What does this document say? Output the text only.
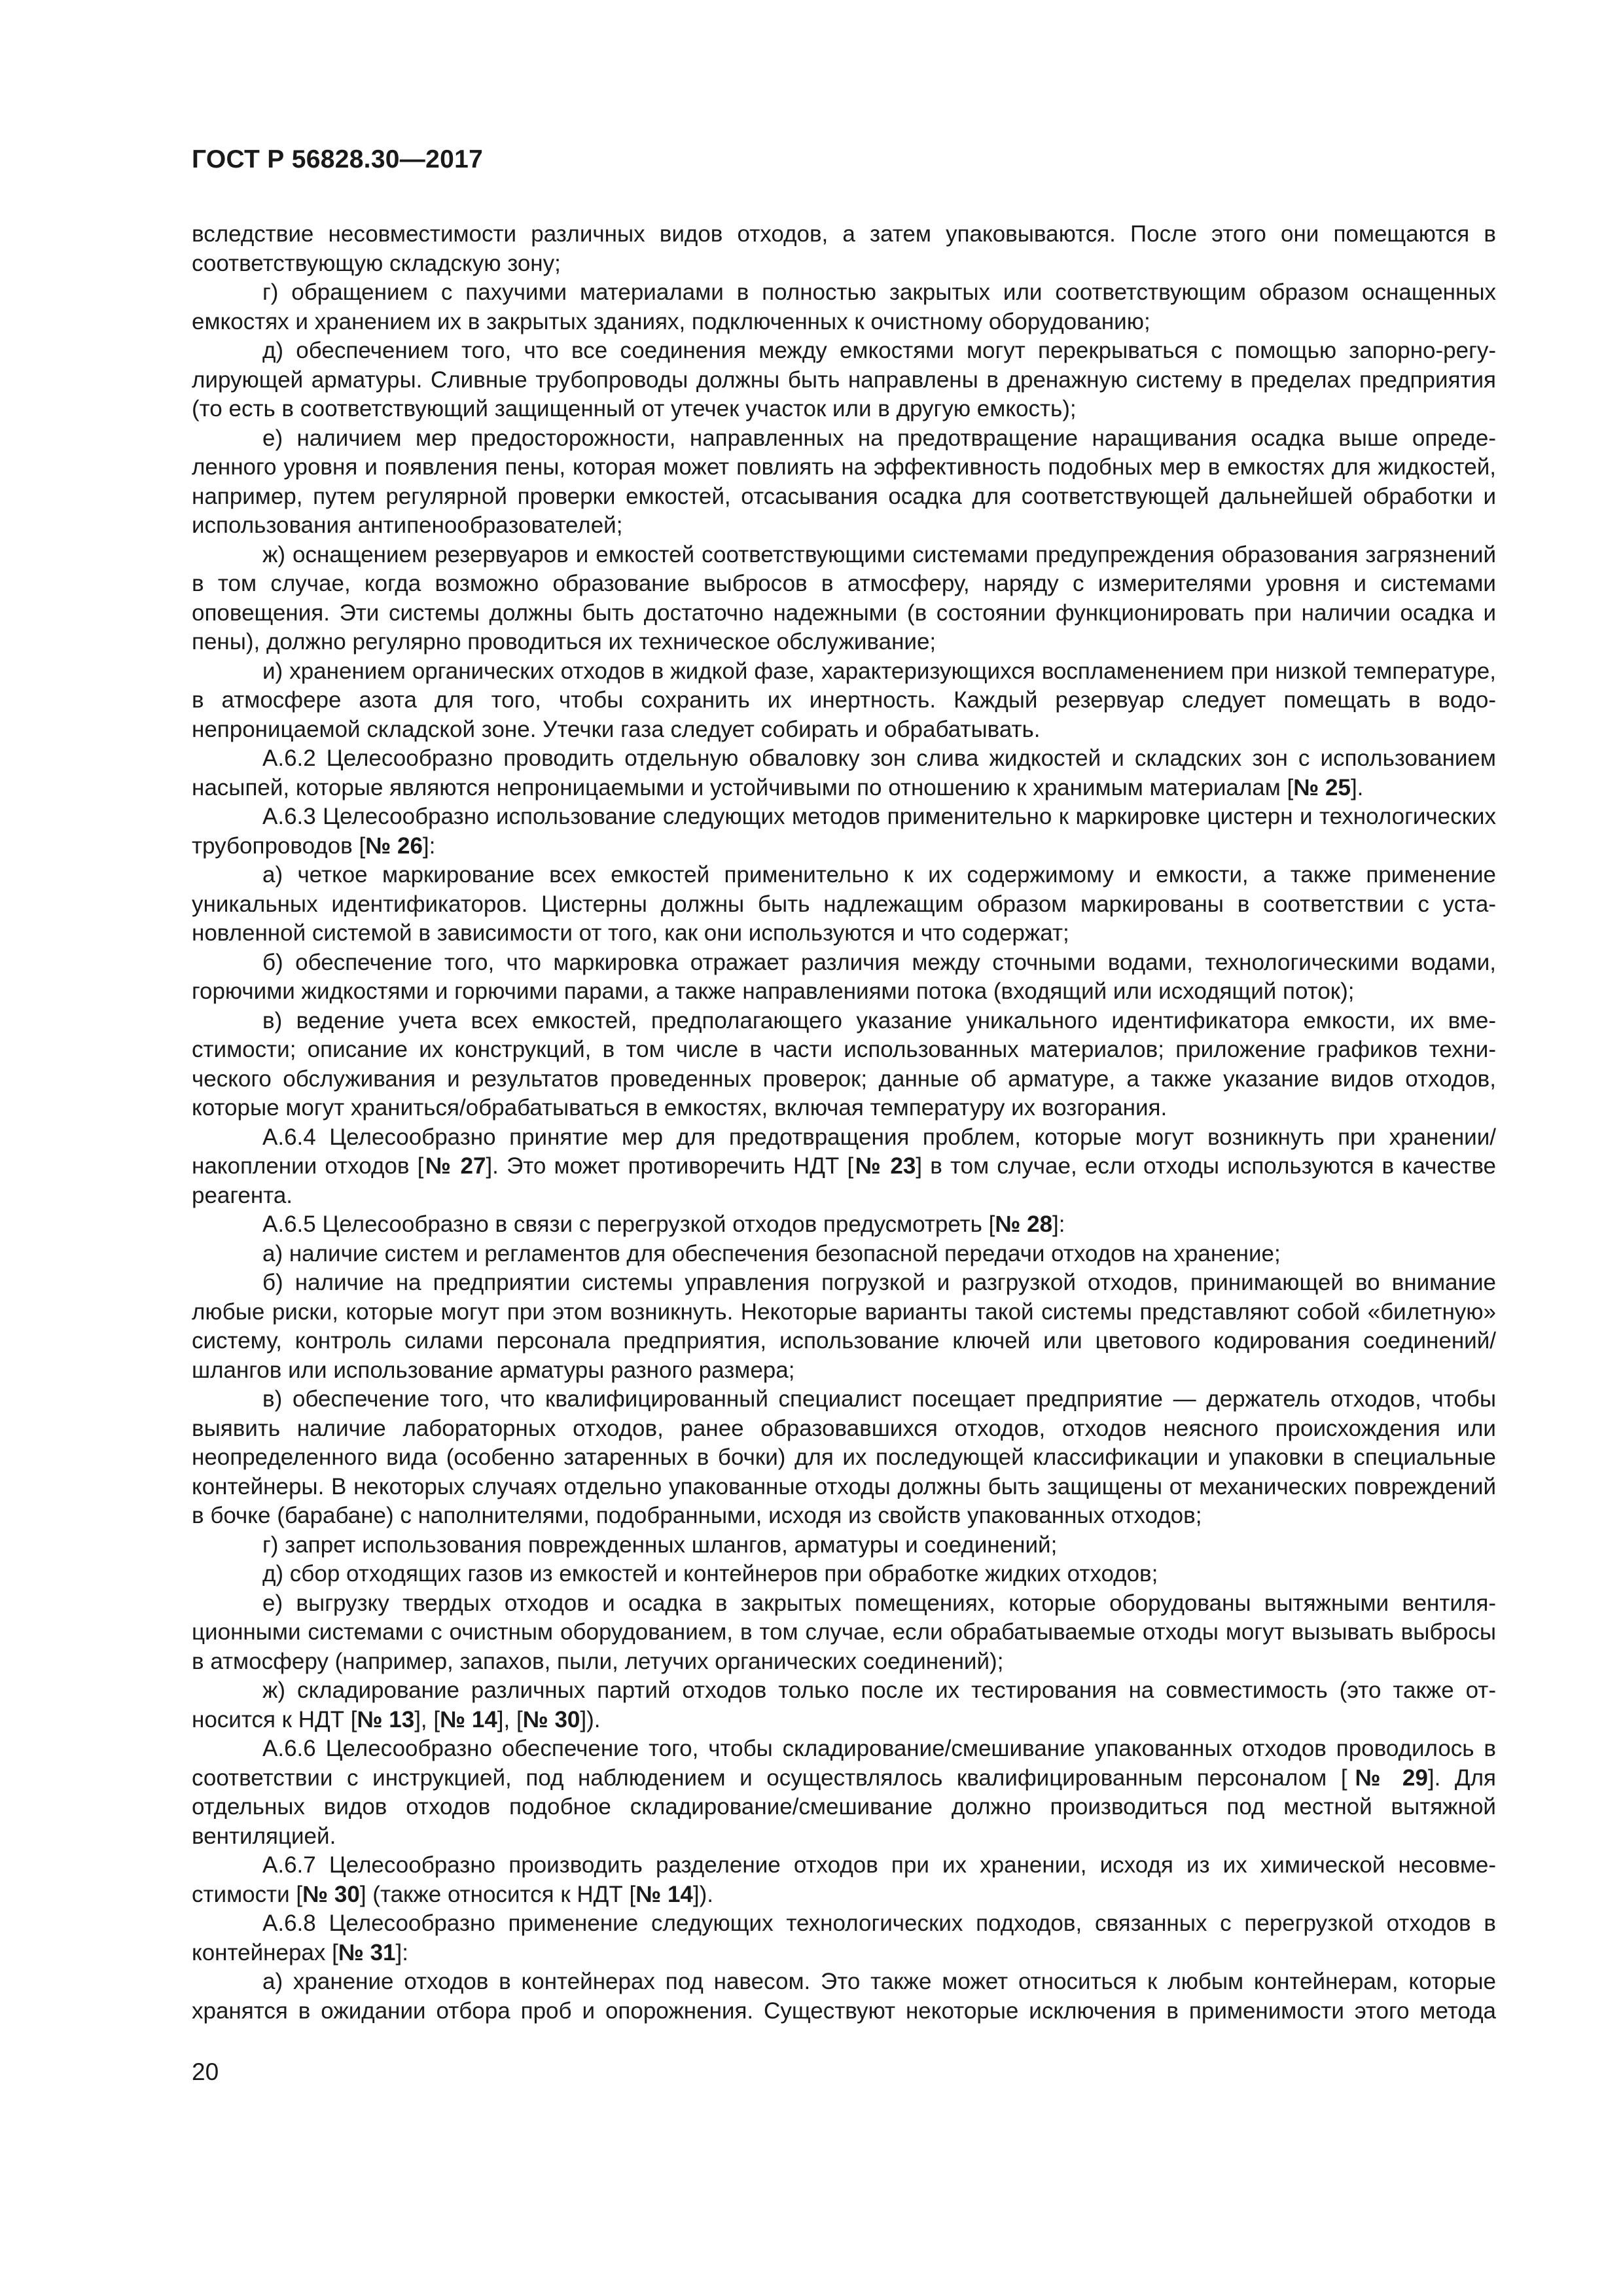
ГОСТ Р 56828.30—2017

вследствие несовместимости различных видов отходов, а затем упаковываются. После этого они помещаются в соответствующую складскую зону;

г) обращением с пахучими материалами в полностью закрытых или соответствующим образом оснащенных емкостях и хранением их в закрытых зданиях, подключенных к очистному оборудованию;

д) обеспечением того, что все соединения между емкостями могут перекрываться с помощью запорно-регулирующей арматуры. Сливные трубопроводы должны быть направлены в дренажную систему в пределах предприятия (то есть в соответствующий защищенный от утечек участок или в другую емкость);

е) наличием мер предосторожности, направленных на предотвращение наращивания осадка выше определенного уровня и появления пены, которая может повлиять на эффективность подобных мер в емкостях для жидкостей, например, путем регулярной проверки емкостей, отсасывания осадка для соответствующей дальнейшей обработки и использования антипенообразователей;

ж) оснащением резервуаров и емкостей соответствующими системами предупреждения образования загрязнений в том случае, когда возможно образование выбросов в атмосферу, наряду с измерителями уровня и системами оповещения. Эти системы должны быть достаточно надежными (в состоянии функционировать при наличии осадка и пены), должно регулярно проводиться их техническое обслуживание;

и) хранением органических отходов в жидкой фазе, характеризующихся воспламенением при низкой температуре, в атмосфере азота для того, чтобы сохранить их инертность. Каждый резервуар следует помещать в водонепроницаемой складской зоне. Утечки газа следует собирать и обрабатывать.

А.6.2 Целесообразно проводить отдельную обваловку зон слива жидкостей и складских зон с использованием насыпей, которые являются непроницаемыми и устойчивыми по отношению к хранимым материалам [№ 25].

А.6.3 Целесообразно использование следующих методов применительно к маркировке цистерн и технологических трубопроводов [№ 26]:

а) четкое маркирование всех емкостей применительно к их содержимому и емкости, а также применение уникальных идентификаторов. Цистерны должны быть надлежащим образом маркированы в соответствии с установленной системой в зависимости от того, как они используются и что содержат;

б) обеспечение того, что маркировка отражает различия между сточными водами, технологическими водами, горючими жидкостями и горючими парами, а также направлениями потока (входящий или исходящий поток);

в) ведение учета всех емкостей, предполагающего указание уникального идентификатора емкости, их вместимости; описание их конструкций, в том числе в части использованных материалов; приложение графиков технического обслуживания и результатов проведенных проверок; данные об арматуре, а также указание видов отходов, которые могут храниться/обрабатываться в емкостях, включая температуру их возгорания.

А.6.4 Целесообразно принятие мер для предотвращения проблем, которые могут возникнуть при хранении/ накоплении отходов [№ 27]. Это может противоречить НДТ [№ 23] в том случае, если отходы используются в качестве реагента.

А.6.5 Целесообразно в связи с перегрузкой отходов предусмотреть [№ 28]:

а) наличие систем и регламентов для обеспечения безопасной передачи отходов на хранение;

б) наличие на предприятии системы управления погрузкой и разгрузкой отходов, принимающей во внимание любые риски, которые могут при этом возникнуть. Некоторые варианты такой системы представляют собой «билетную» систему, контроль силами персонала предприятия, использование ключей или цветового кодирования соединений/шлангов или использование арматуры разного размера;

в) обеспечение того, что квалифицированный специалист посещает предприятие — держатель отходов, чтобы выявить наличие лабораторных отходов, ранее образовавшихся отходов, отходов неясного происхождения или неопределенного вида (особенно затаренных в бочки) для их последующей классификации и упаковки в специальные контейнеры. В некоторых случаях отдельно упакованные отходы должны быть защищены от механических повреждений в бочке (барабане) с наполнителями, подобранными, исходя из свойств упакованных отходов;

г) запрет использования поврежденных шлангов, арматуры и соединений;

д) сбор отходящих газов из емкостей и контейнеров при обработке жидких отходов;

е) выгрузку твердых отходов и осадка в закрытых помещениях, которые оборудованы вытяжными вентиляционными системами с очистным оборудованием, в том случае, если обрабатываемые отходы могут вызывать выбросы в атмосферу (например, запахов, пыли, летучих органических соединений);

ж) складирование различных партий отходов только после их тестирования на совместимость (это также относится к НДТ [№ 13], [№ 14], [№ 30]).

А.6.6 Целесообразно обеспечение того, чтобы складирование/смешивание упакованных отходов проводилось в соответствии с инструкцией, под наблюдением и осуществлялось квалифицированным персоналом [№ 29]. Для отдельных видов отходов подобное складирование/смешивание должно производиться под местной вытяжной вентиляцией.

А.6.7 Целесообразно производить разделение отходов при их хранении, исходя из их химической несовместимости [№ 30] (также относится к НДТ [№ 14]).

А.6.8 Целесообразно применение следующих технологических подходов, связанных с перегрузкой отходов в контейнерах [№ 31]:

а) хранение отходов в контейнерах под навесом. Это также может относиться к любым контейнерам, которые хранятся в ожидании отбора проб и опорожнения. Существуют некоторые исключения в применимости этого метода

20
